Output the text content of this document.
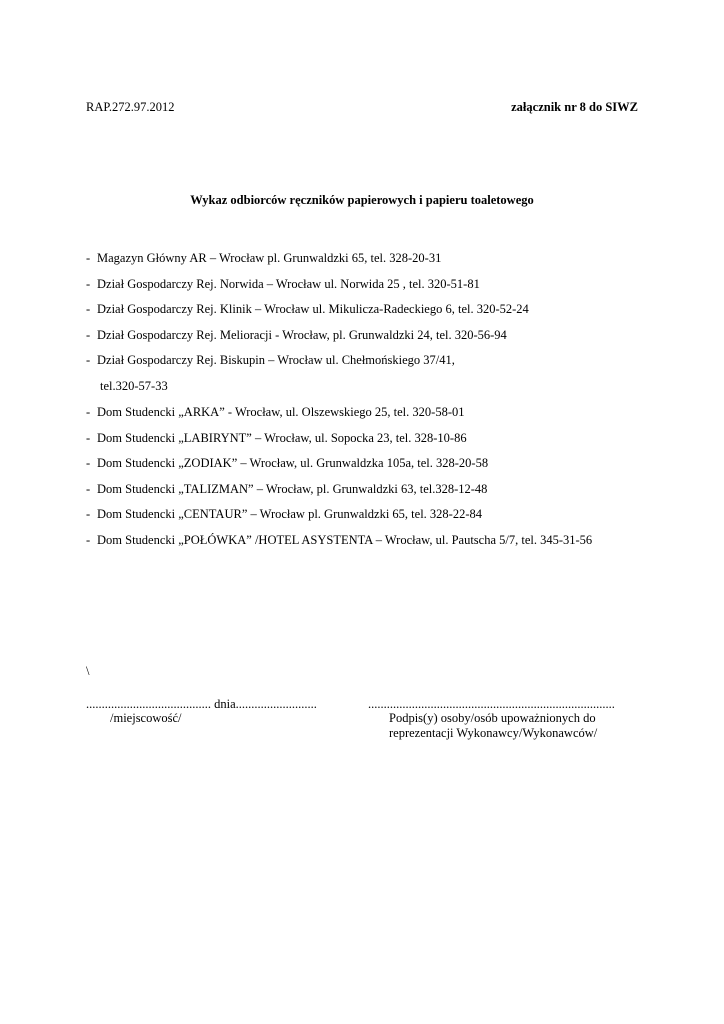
RAP.272.97.2012	załącznik nr 8 do SIWZ
Wykaz odbiorców ręczników papierowych i papieru toaletowego
- Magazyn Główny AR – Wrocław pl. Grunwaldzki 65, tel. 328-20-31
- Dział Gospodarczy Rej. Norwida – Wrocław ul. Norwida 25 , tel. 320-51-81
- Dział Gospodarczy Rej. Klinik – Wrocław ul. Mikulicza-Radeckiego 6, tel. 320-52-24
- Dział Gospodarczy Rej. Melioracji - Wrocław, pl. Grunwaldzki 24, tel. 320-56-94
- Dział Gospodarczy Rej. Biskupin – Wrocław ul. Chełmońskiego 37/41,
tel.320-57-33
- Dom Studencki „ARKA” - Wrocław, ul. Olszewskiego 25, tel. 320-58-01
- Dom Studencki „LABIRYNT” – Wrocław, ul. Sopocka 23, tel. 328-10-86
- Dom Studencki „ZODIAK” – Wrocław, ul. Grunwaldzka 105a, tel. 328-20-58
- Dom Studencki „TALIZMAN” – Wrocław, pl. Grunwaldzki 63, tel.328-12-48
- Dom Studencki „CENTAUR” – Wrocław pl. Grunwaldzki 65, tel. 328-22-84
- Dom Studencki „POŁÓWKA” /HOTEL ASYSTENTA – Wrocław, ul. Pautscha 5/7, tel. 345-31-56
\
........................................ dnia..........................
/miejscowość/
...............................................................................
Podpis(y) osoby/osób upoważnionych do
reprezentacji Wykonawcy/Wykonawców/
